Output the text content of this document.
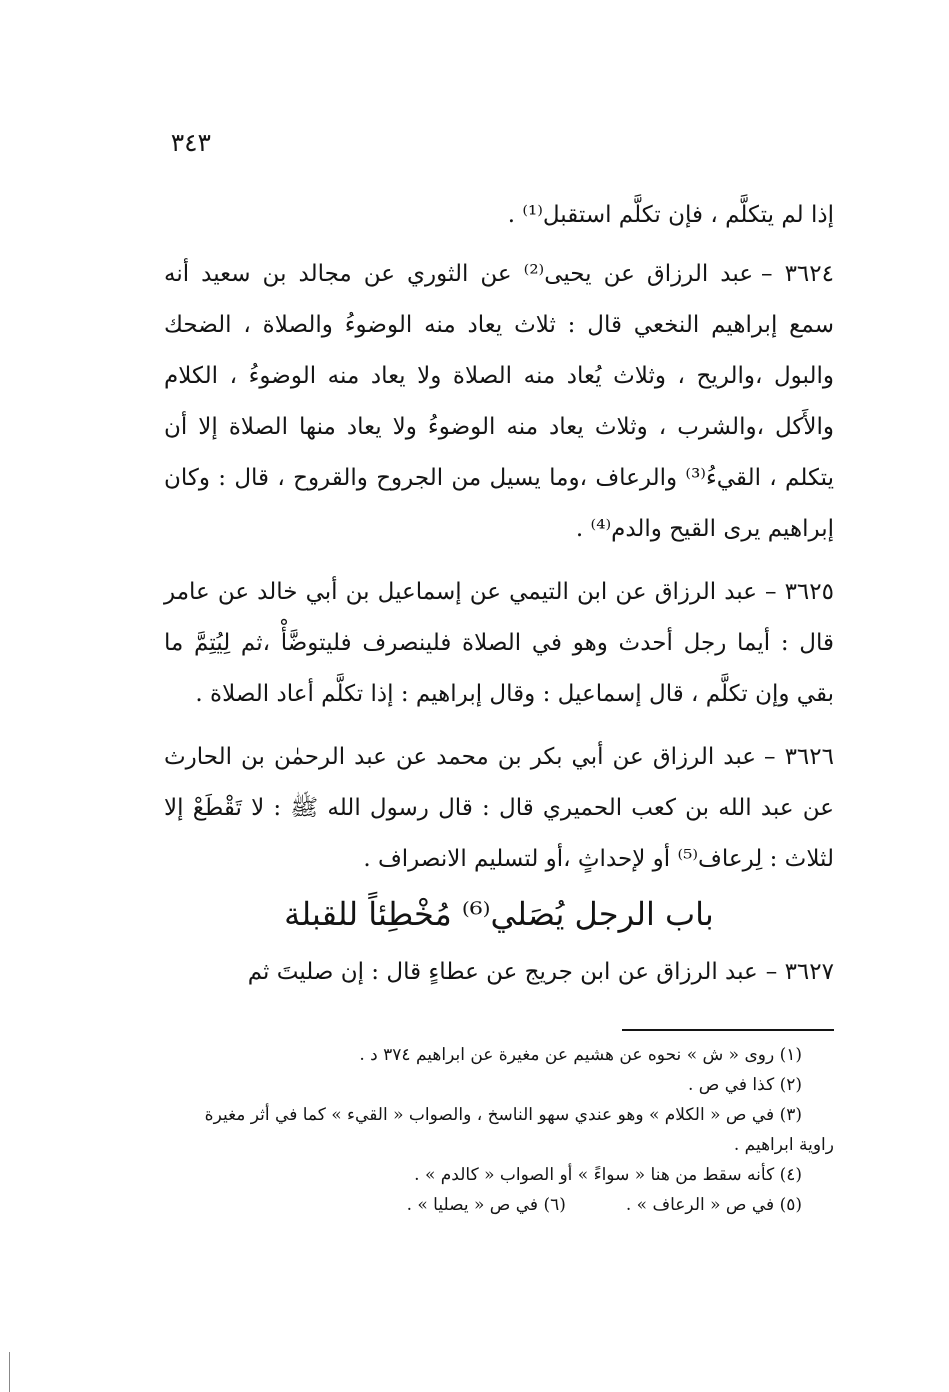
٣٤٣

إذا لم يتكلَّم ، فإن تكلَّم استقبل⁽¹⁾ .

٣٦٢٤ –عبد الرزاق عن يحيى⁽²⁾ عن الثوري عن مجالد بن سعيد أنه سمع إبراهيم النخعي قال : ثلاث يعاد منه الوضوءُ والصلاة ، الضحك والبول ،والريح ، وثلاث يُعاد منه الصلاة ولا يعاد منه الوضوءُ ، الكلام والأَكل ،والشرب ، وثلاث يعاد منه الوضوءُ ولا يعاد منها الصلاة إلا أن يتكلم ، القيءُ⁽³⁾ والرعاف ،وما يسيل من الجروح والقروح ، قال : وكان إبراهيم يرى القيح والدم⁽⁴⁾ .

٣٦٢٥ –عبد الرزاق عن ابن التيمي عن إسماعيل بن أبي خالد عن عامر قال : أيما رجل أحدث وهو في الصلاة فلينصرف فليتوضَّأْ ،ثم لِيُتِمَّ ما بقي وإن تكلَّم ، قال إسماعيل : وقال إبراهيم : إذا تكلَّم أعاد الصلاة .

٣٦٢٦ –عبد الرزاق عن أبي بكر بن محمد عن عبد الرحمٰن بن الحارث عن عبد الله بن كعب الحميري قال : قال رسول الله ﷺ : لا تَقْطَعْ إلا لثلاث : لِرعاف⁽⁵⁾ أو لإحداثٍ ،أو لتسليم الانصراف .

باب الرجل يُصَلي⁽⁶⁾ مُخْطِئاً للقبلة

٣٦٢٧ –عبد الرزاق عن ابن جريج عن عطاءٍ قال : إن صليتَ ثم

(١) روى « ش » نحوه عن هشيم عن مغيرة عن ابراهيم ٣٧٤ د .

(٢) كذا في ص .

(٣) في ص « الكلام » وهو عندي سهو الناسخ ، والصواب « القيء » كما في أثر مغيرة

راوية ابراهيم .

(٤) كأنه سقط من هنا « سواءً » أو الصواب « كالدم » .

(٥) في ص « الرعاف » .
(٦) في ص « يصليا » .
